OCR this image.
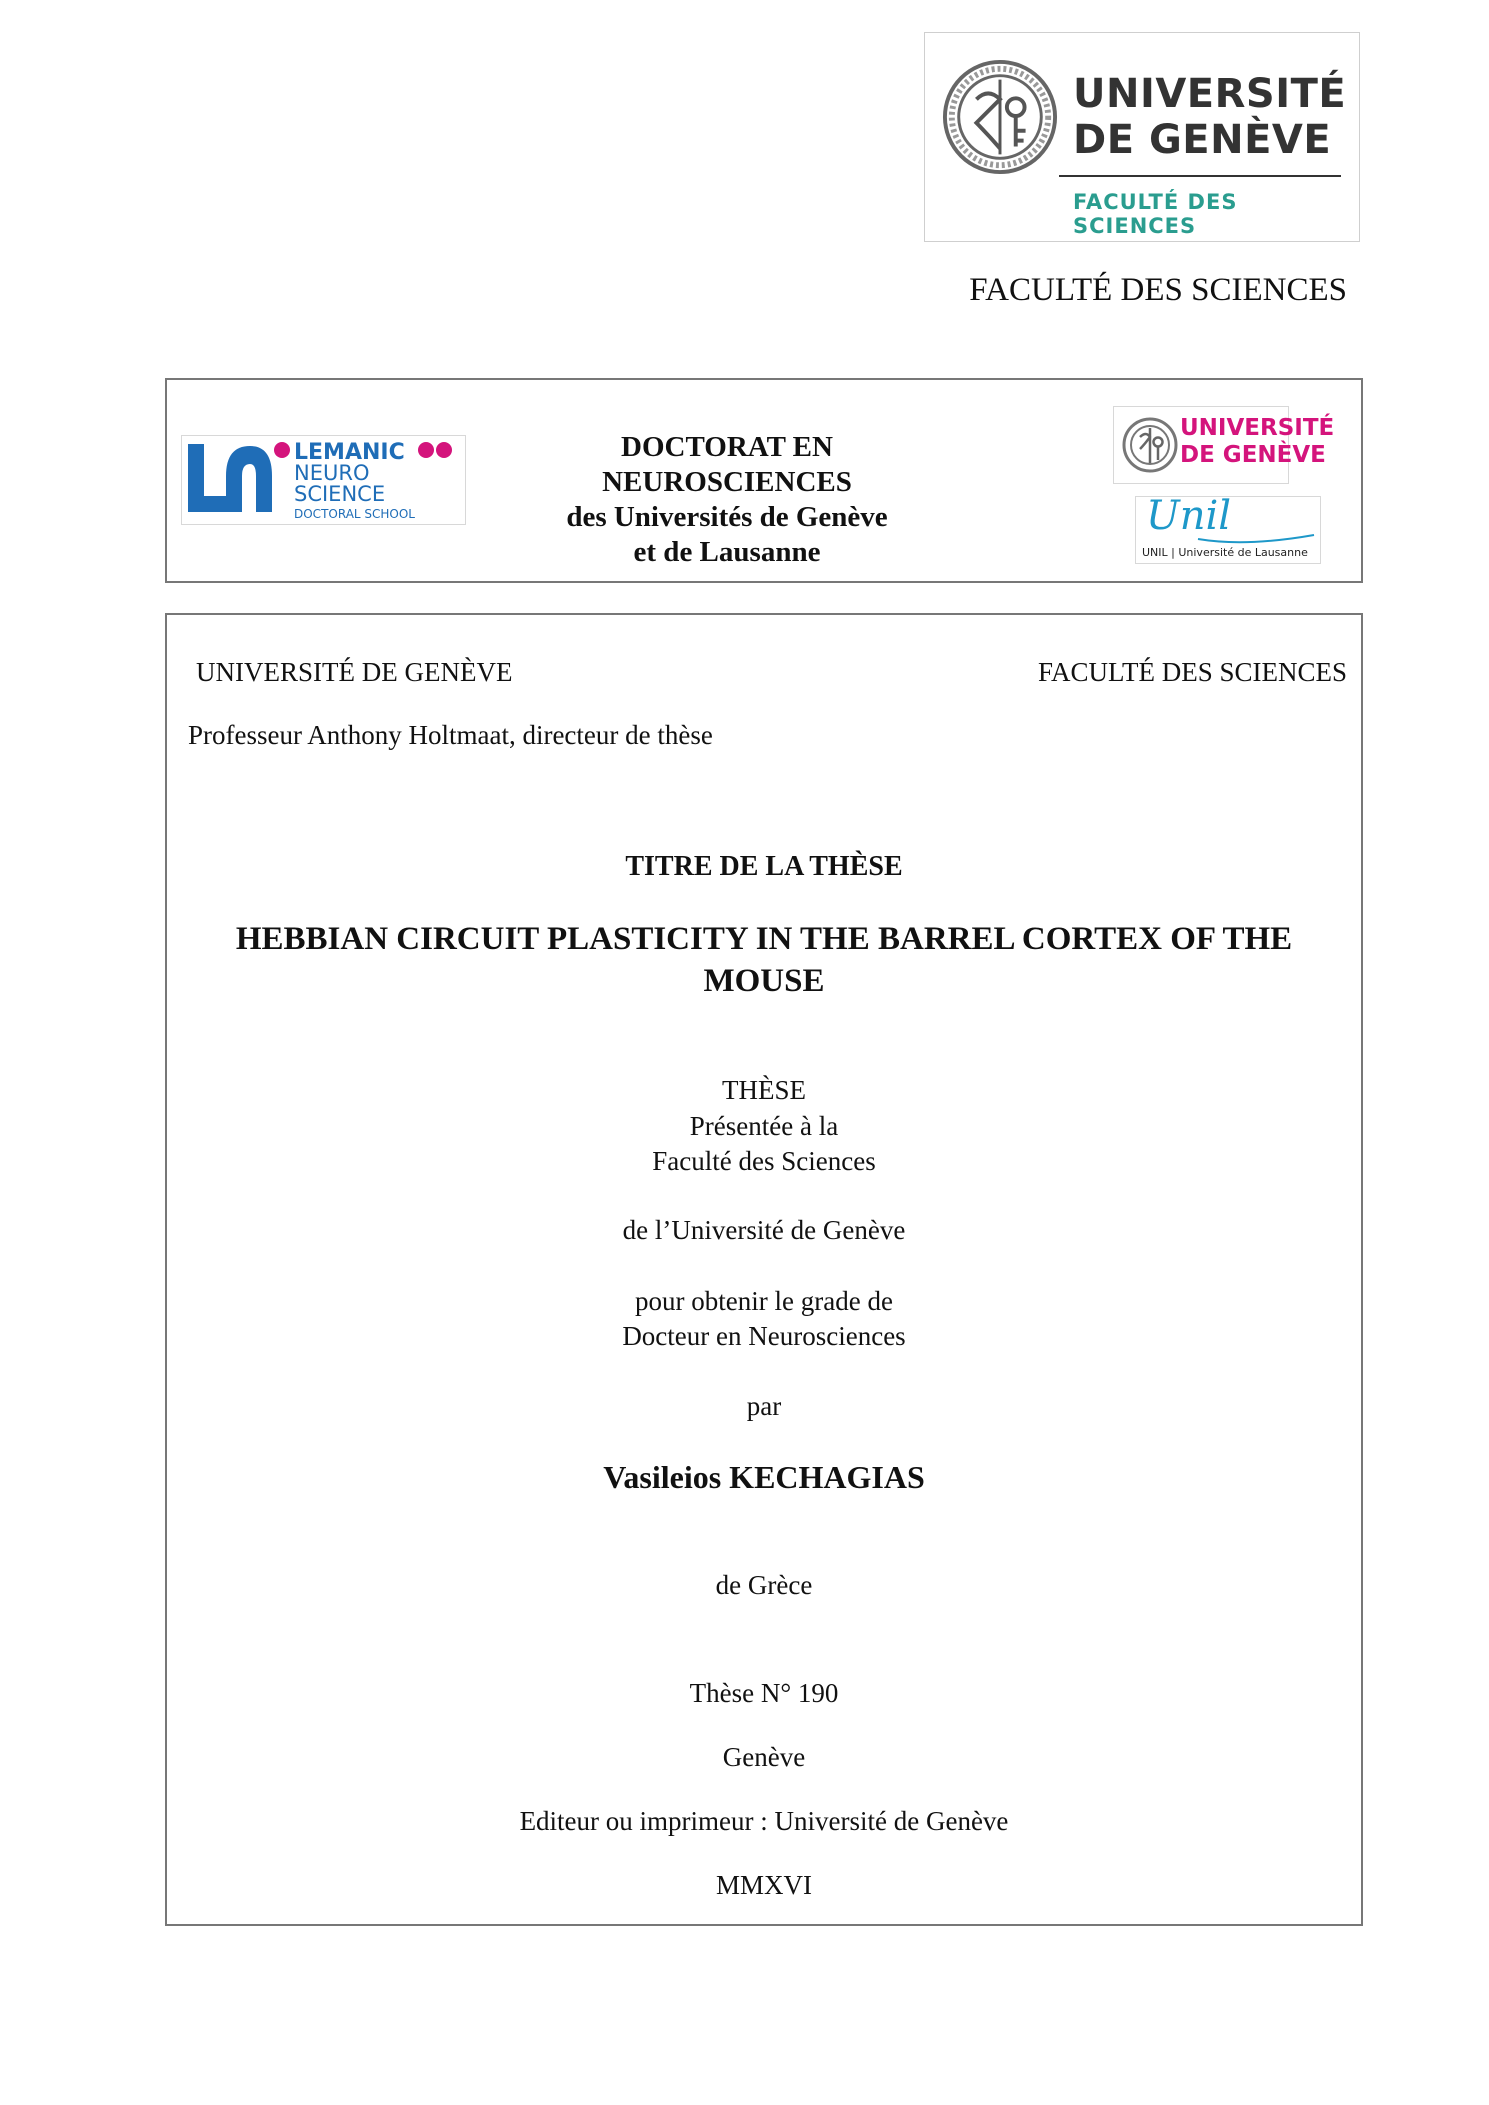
UNIVERSITÉ
DE GENÈVE
FACULTÉ DES SCIENCES
FACULTÉ DES SCIENCES
LEMANIC
NEURO
SCIENCE
DOCTORAL SCHOOL
DOCTORAT EN NEUROSCIENCES
des Universités de Genève
et de Lausanne
UNIVERSITÉ
DE GENÈVE
Unil
UNIL | Université de Lausanne
UNIVERSITÉ DE GENÈVE	FACULTÉ DES SCIENCES
Professeur Anthony Holtmaat, directeur de thèse
TITRE DE LA THÈSE
HEBBIAN CIRCUIT PLASTICITY IN THE BARREL CORTEX OF THE
MOUSE
THÈSE
Présentée à la
Faculté des Sciences
de l’Université de Genève
pour obtenir le grade de
Docteur en Neurosciences
par
Vasileios KECHAGIAS
de Grèce
Thèse N° 190
Genève
Editeur ou imprimeur : Université de Genève
MMXVI
